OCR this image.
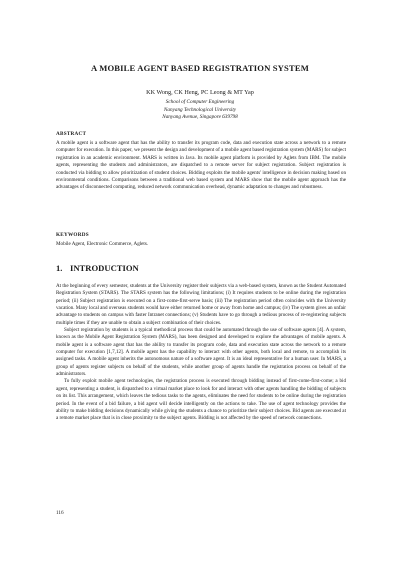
A MOBILE AGENT BASED REGISTRATION SYSTEM
KK Wong, CK Heng, PC Leong & MT Yap
School of Computer Engineering
Nanyang Technological University
Nanyang Avenue, Singapore 639798
ABSTRACT
A mobile agent is a software agent that has the ability to transfer its program code, data and execution state across a network to a remote computer for execution. In this paper, we present the design and development of a mobile agent based registration system (MARS) for subject registration in an academic environment. MARS is written in Java. Its mobile agent platform is provided by Aglets from IBM. The mobile agents, representing the students and administrators, are dispatched to a remote server for subject registration. Subject registration is conducted via bidding to allow prioritization of student choices. Bidding exploits the mobile agents' intelligence in decision making based on environmental conditions. Comparisons between a traditional web based system and MARS show that the mobile agent approach has the advantages of disconnected computing, reduced network communication overhead, dynamic adaptation to changes and robustness.
KEYWORDS
Mobile Agent, Electronic Commerce, Aglets.
1. INTRODUCTION

At the beginning of every semester, students at the University register their subjects via a web-based system, known as the Student Automated Registration System (STARS). The STARS system has the following limitations; (i) It requires students to be online during the registration period; (ii) Subject registration is executed on a first-come-first-serve basis; (iii) The registration period often coincides with the University vacation. Many local and overseas students would have either returned home or away from home and campus; (iv) The system gives an unfair advantage to students on campus with faster Intranet connections; (v) Students have to go through a tedious process of re-registering subjects multiple times if they are unable to obtain a subject combination of their choices.

Subject registration by students is a typical methodical process that could be automated through the use of software agents [4]. A system, known as the Mobile Agent Registration System (MARS), has been designed and developed to explore the advantages of mobile agents. A mobile agent is a software agent that has the ability to transfer its program code, data and execution state across the network to a remote computer for execution [1,7,12]. A mobile agent has the capability to interact with other agents, both local and remote, to accomplish its assigned tasks. A mobile agent inherits the autonomous nature of a software agent. It is an ideal representative for a human user. In MARS, a group of agents register subjects on behalf of the students, while another group of agents handle the registration process on behalf of the administrators.

To fully exploit mobile agent technologies, the registration process is executed through bidding instead of first-come-first-come; a bid agent, representing a student, is dispatched to a virtual market place to look for and interact with other agents handling the bidding of subjects on its list. This arrangement, which leaves the tedious tasks to the agents, eliminates the need for students to be online during the registration period. In the event of a bid failure, a bid agent will decide intelligently on the actions to take. The use of agent technology provides the ability to make bidding decisions dynamically while giving the students a chance to prioritize their subject choices. Bid agents are executed at a remote market place that is in close proximity to the subject agents. Bidding is not affected by the speed of network connections.

116
